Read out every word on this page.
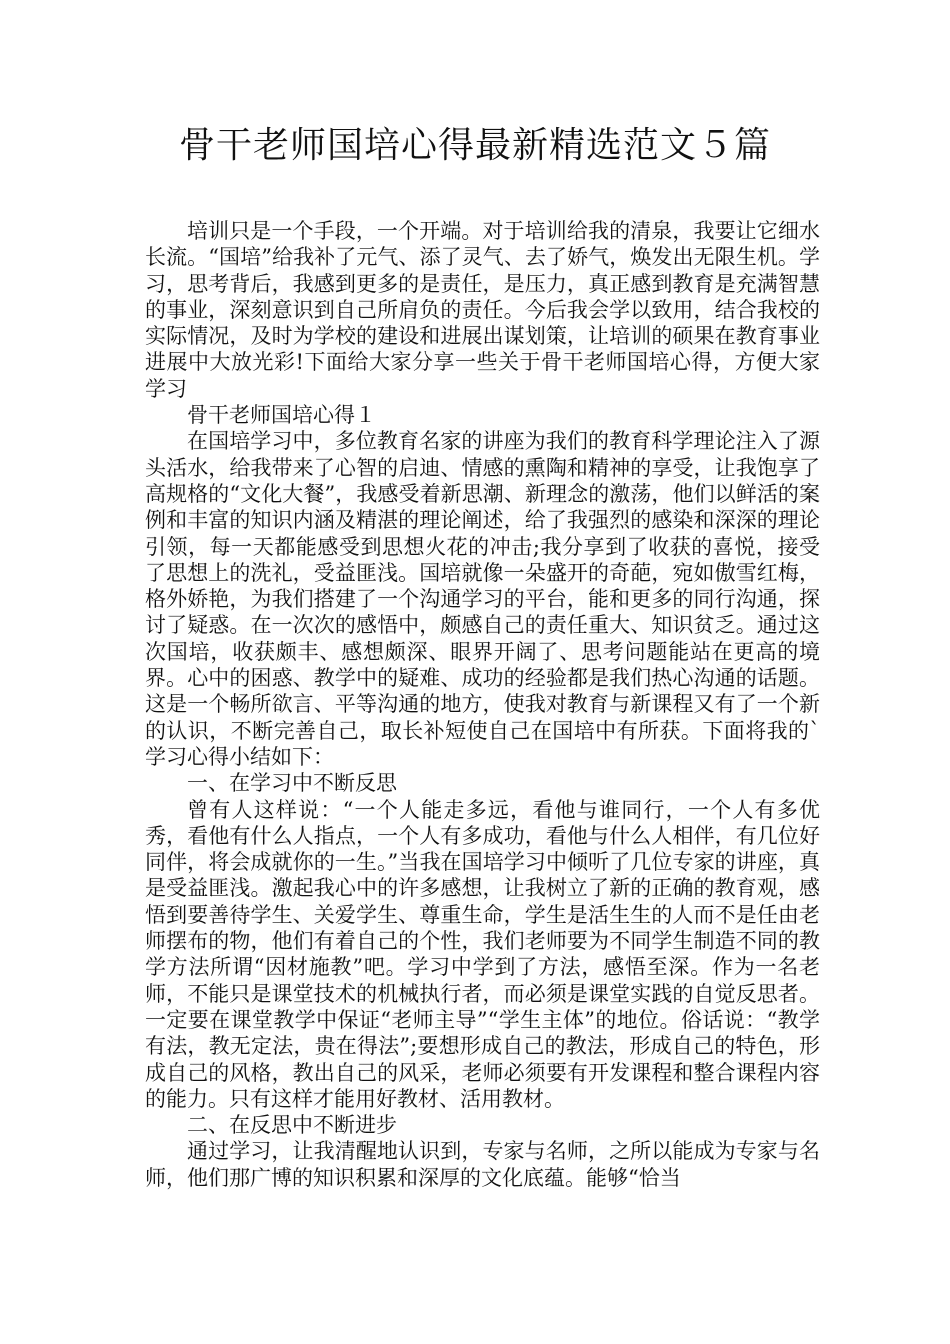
骨干老师国培心得最新精选范文５篇

培训只是一个手段，一个开端。对于培训给我的清泉，我要让它细水长流。“国培”给我补了元气、添了灵气、去了娇气，焕发出无限生机。学习，思考背后，我感到更多的是责任，是压力，真正感到教育是充满智慧的事业，深刻意识到自己所肩负的责任。今后我会学以致用，结合我校的实际情况，及时为学校的建设和进展出谋划策，让培训的硕果在教育事业进展中大放光彩!下面给大家分享一些关于骨干老师国培心得，方便大家学习

骨干老师国培心得１

在国培学习中，多位教育名家的讲座为我们的教育科学理论注入了源头活水，给我带来了心智的启迪、情感的熏陶和精神的享受，让我饱享了高规格的“文化大餐”，我感受着新思潮、新理念的激荡，他们以鲜活的案例和丰富的知识内涵及精湛的理论阐述，给了我强烈的感染和深深的理论引领，每一天都能感受到思想火花的冲击;我分享到了收获的喜悦，接受了思想上的洗礼，受益匪浅。国培就像一朵盛开的奇葩，宛如傲雪红梅，格外娇艳，为我们搭建了一个沟通学习的平台，能和更多的同行沟通，探讨了疑惑。在一次次的感悟中，颇感自己的责任重大、知识贫乏。通过这次国培，收获颇丰、感想颇深、眼界开阔了、思考问题能站在更高的境界。心中的困惑、教学中的疑难、成功的经验都是我们热心沟通的话题。这是一个畅所欲言、平等沟通的地方，使我对教育与新课程又有了一个新的认识，不断完善自己，取长补短使自己在国培中有所获。下面将我的`学习心得小结如下：

一、在学习中不断反思

曾有人这样说：“一个人能走多远，看他与谁同行，一个人有多优秀，看他有什么人指点，一个人有多成功，看他与什么人相伴，有几位好同伴，将会成就你的一生。”当我在国培学习中倾听了几位专家的讲座，真是受益匪浅。激起我心中的许多感想，让我树立了新的正确的教育观，感悟到要善待学生、关爱学生、尊重生命，学生是活生生的人而不是任由老师摆布的物，他们有着自己的个性，我们老师要为不同学生制造不同的教学方法所谓“因材施教”吧。学习中学到了方法，感悟至深。作为一名老师，不能只是课堂技术的机械执行者，而必须是课堂实践的自觉反思者。一定要在课堂教学中保证“老师主导”“学生主体”的地位。俗话说：“教学有法，教无定法，贵在得法”;要想形成自己的教法，形成自己的特色，形成自己的风格，教出自己的风采，老师必须要有开发课程和整合课程内容的能力。只有这样才能用好教材、活用教材。

二、在反思中不断进步

通过学习，让我清醒地认识到，专家与名师，之所以能成为专家与名师，他们那广博的知识积累和深厚的文化底蕴。能够“恰当
